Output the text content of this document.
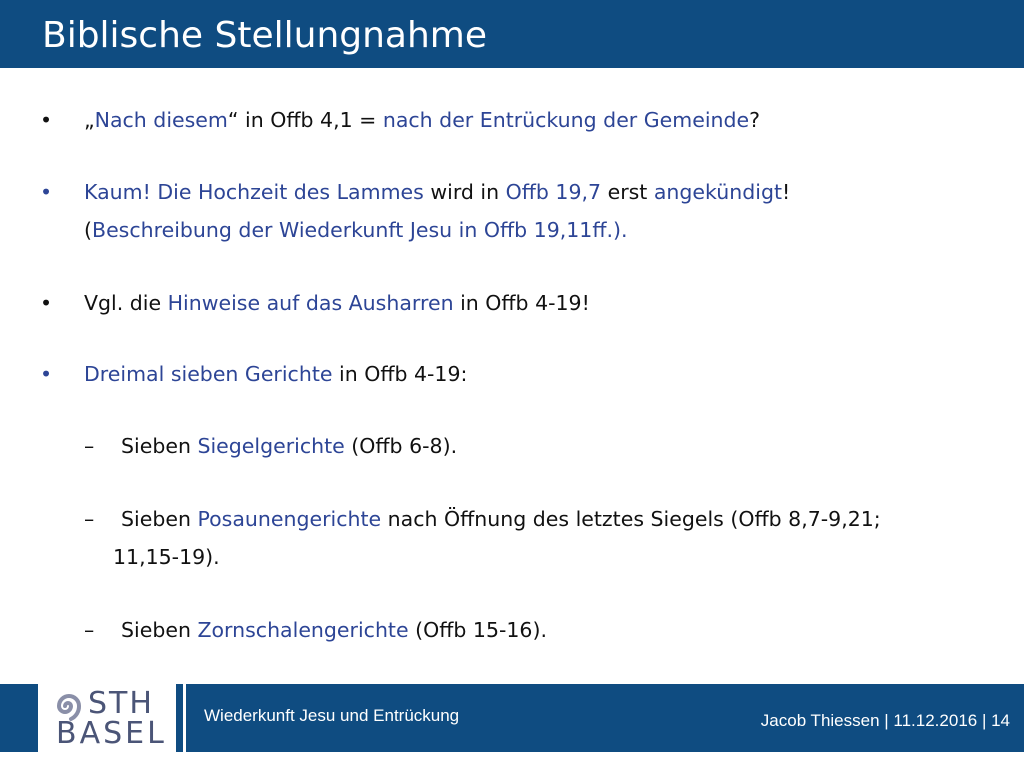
Biblische Stellungnahme
• „Nach diesem“ in Offb 4,1 = nach der Entrückung der Gemeinde?
• Kaum! Die Hochzeit des Lammes wird in Offb 19,7 erst angekündigt!
(Beschreibung der Wiederkunft Jesu in Offb 19,11ff.).
• Vgl. die Hinweise auf das Ausharren in Offb 4-19!
• Dreimal sieben Gerichte in Offb 4-19:
– Sieben Siegelgerichte (Offb 6-8).
– Sieben Posaunengerichte nach Öffnung des letztes Siegels (Offb 8,7-9,21;
11,15-19).
– Sieben Zornschalengerichte (Offb 15-16).
STH
BASEL
Wiederkunft Jesu und Entrückung	Jacob Thiessen | 11.12.2016 | 14
